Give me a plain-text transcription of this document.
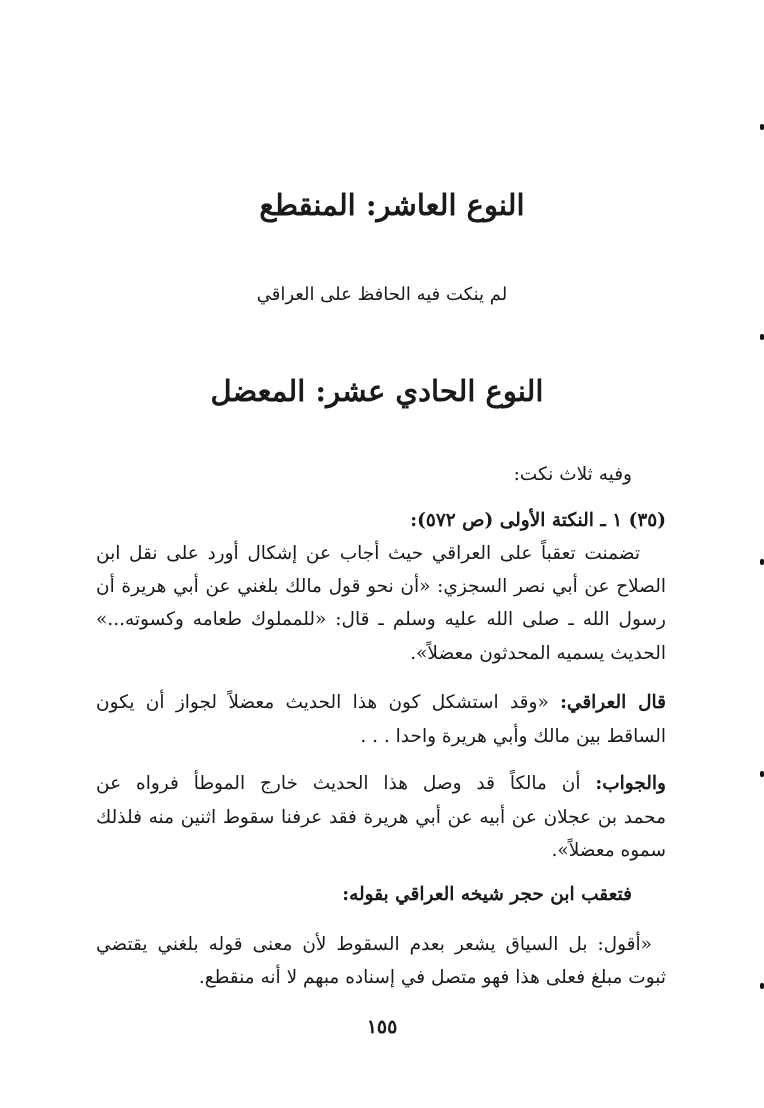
النوع العاشر: المنقطع
لم ينكت فيه الحافظ على العراقي
النوع الحادي عشر: المعضل
وفيه ثلاث نكت:
(٣٥) ١ ـ النكتة الأولى (ص ٥٧٢):
تضمنت تعقباً على العراقي حيث أجاب عن إشكال أورد على نقل ابن
الصلاح عن أبي نصر السجزي: «أن نحو قول مالك بلغني عن أبي هريرة أن
رسول الله ـ صلى الله عليه وسلم ـ قال: «للمملوك طعامه وكسوته...»
الحديث يسميه المحدثون معضلاً».
قال العراقي: «وقد استشكل كون هذا الحديث معضلاً لجواز أن يكون
الساقط بين مالك وأبي هريرة واحدا . . .
والجواب: أن مالكاً قد وصل هذا الحديث خارج الموطأ فرواه عن
محمد بن عجلان عن أبيه عن أبي هريرة فقد عرفنا سقوط اثنين منه فلذلك
سموه معضلاً».
فتعقب ابن حجر شيخه العراقي بقوله:
«أقول: بل السياق يشعر بعدم السقوط لأن معنى قوله بلغني يقتضي
ثبوت مبلغ فعلى هذا فهو متصل في إسناده مبهم لا أنه منقطع.
١٥٥
